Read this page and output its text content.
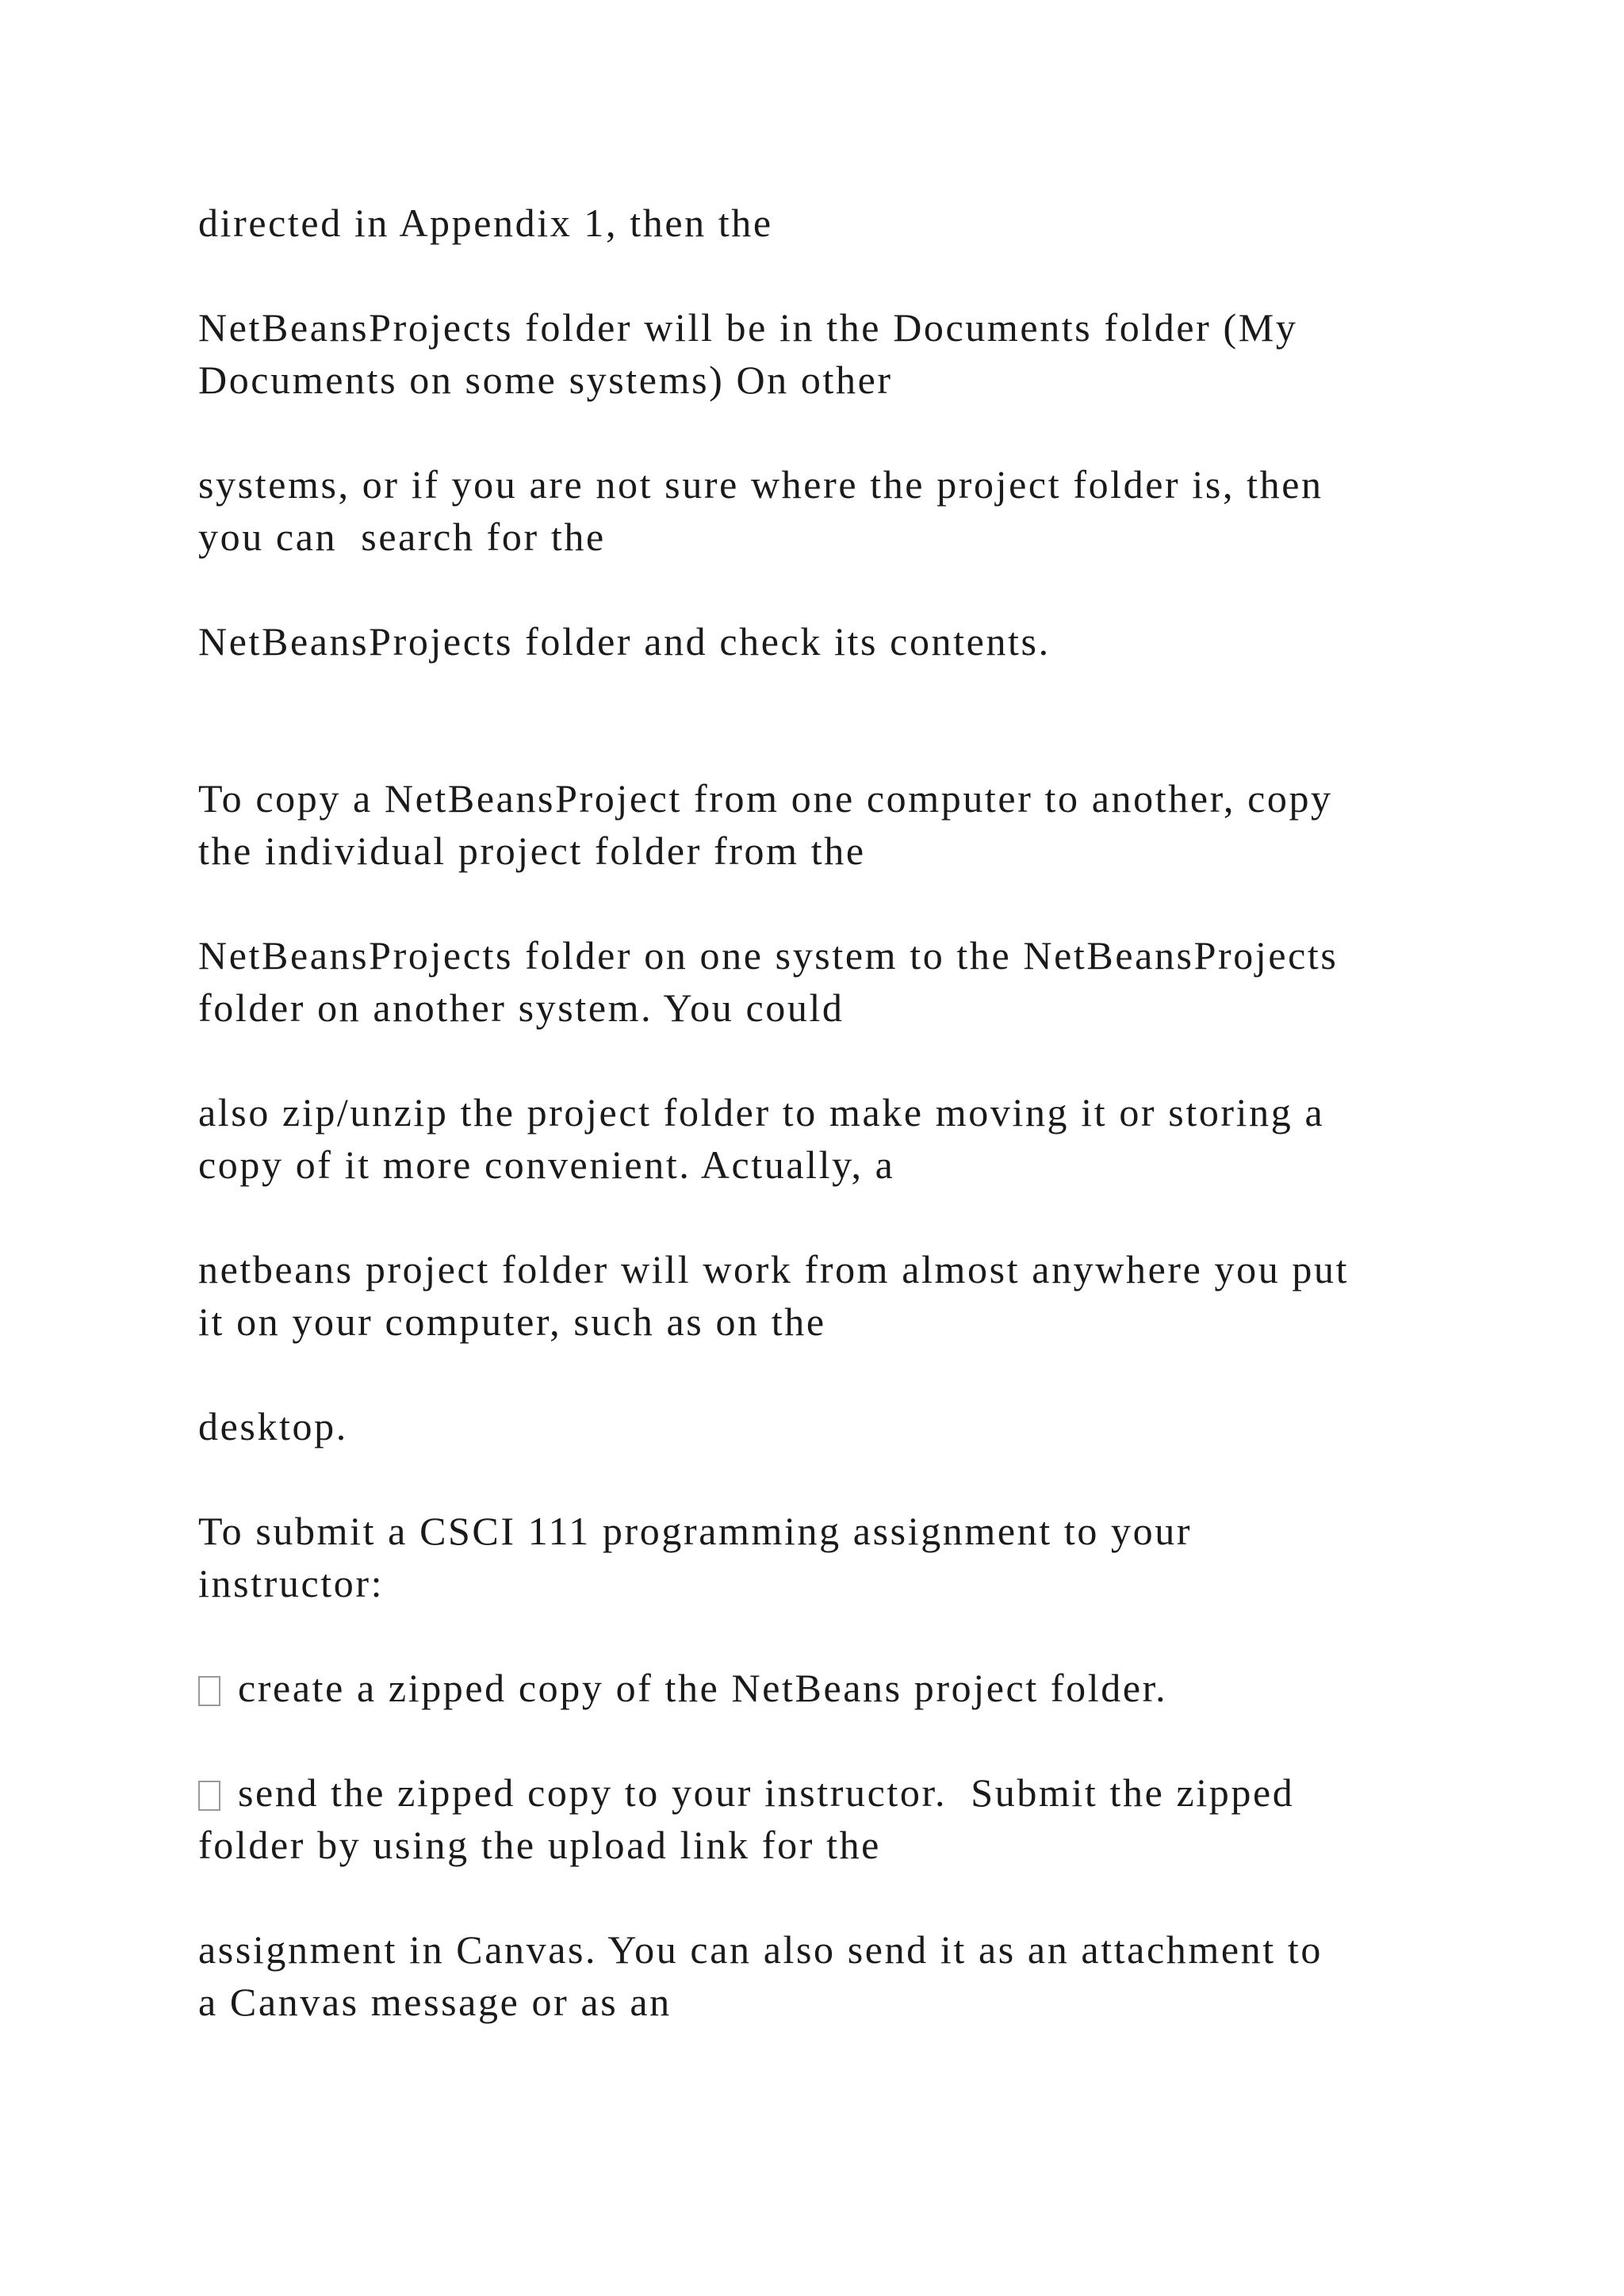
directed in Appendix 1, then the

NetBeansProjects folder will be in the Documents folder (My
Documents on some systems) On other

systems, or if you are not sure where the project folder is, then
you can  search for the

NetBeansProjects folder and check its contents.

To copy a NetBeansProject from one computer to another, copy
the individual project folder from the

NetBeansProjects folder on one system to the NetBeansProjects
folder on another system. You could

also zip/unzip the project folder to make moving it or storing a
copy of it more convenient. Actually, a

netbeans project folder will work from almost anywhere you put
it on your computer, such as on the

desktop.

To submit a CSCI 111 programming assignment to your
instructor:

create a zipped copy of the NetBeans project folder.

send the zipped copy to your instructor.  Submit the zipped
folder by using the upload link for the

assignment in Canvas. You can also send it as an attachment to
a Canvas message or as an
